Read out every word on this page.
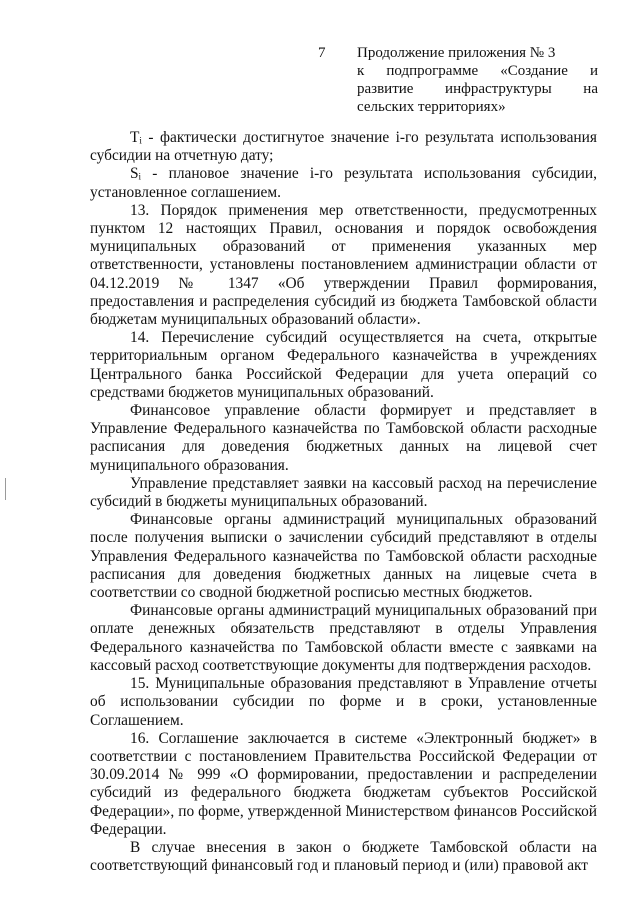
7 Продолжение приложения № 3
к подпрограмме «Создание и
развитие инфраструктуры на
сельских территориях»

Tᵢ - фактически достигнутое значение i-го результата использования субсидии на отчетную дату;

Sᵢ - плановое значение i-го результата использования субсидии, установленное соглашением.

13. Порядок применения мер ответственности, предусмотренных пунктом 12 настоящих Правил, основания и порядок освобождения муниципальных образований от применения указанных мер ответственности, установлены постановлением администрации области от 04.12.2019 № 1347 «Об утверждении Правил формирования, предоставления и распределения субсидий из бюджета Тамбовской области бюджетам муниципальных образований области».

14. Перечисление субсидий осуществляется на счета, открытые территориальным органом Федерального казначейства в учреждениях Центрального банка Российской Федерации для учета операций со средствами бюджетов муниципальных образований.

Финансовое управление области формирует и представляет в Управление Федерального казначейства по Тамбовской области расходные расписания для доведения бюджетных данных на лицевой счет муниципального образования.

Управление представляет заявки на кассовый расход на перечисление субсидий в бюджеты муниципальных образований.

Финансовые органы администраций муниципальных образований после получения выписки о зачислении субсидий представляют в отделы Управления Федерального казначейства по Тамбовской области расходные расписания для доведения бюджетных данных на лицевые счета в соответствии со сводной бюджетной росписью местных бюджетов.

Финансовые органы администраций муниципальных образований при оплате денежных обязательств представляют в отделы Управления Федерального казначейства по Тамбовской области вместе с заявками на кассовый расход соответствующие документы для подтверждения расходов.

15. Муниципальные образования представляют в Управление отчеты об использовании субсидии по форме и в сроки, установленные Соглашением.

16. Соглашение заключается в системе «Электронный бюджет» в соответствии с постановлением Правительства Российской Федерации от 30.09.2014 № 999 «О формировании, предоставлении и распределении субсидий из федерального бюджета бюджетам субъектов Российской Федерации», по форме, утвержденной Министерством финансов Российской Федерации.

В случае внесения в закон о бюджете Тамбовской области на соответствующий финансовый год и плановый период и (или) правовой акт
